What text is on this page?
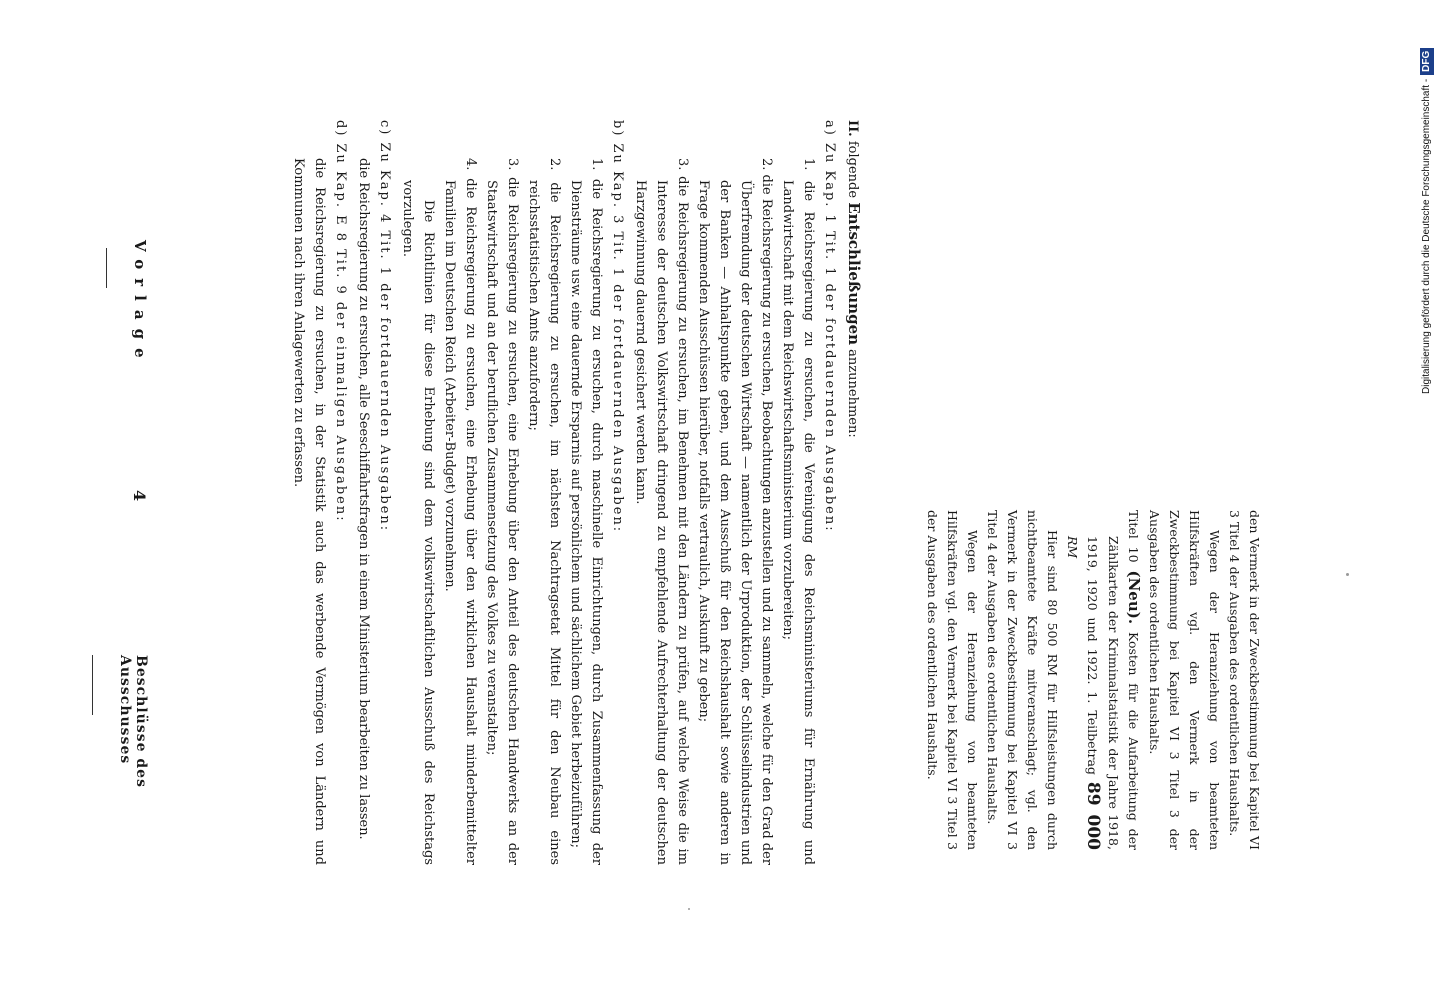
Vorlage
4
Beschlüsse des Ausschusses	den Vermerk in der Zweckbestimmung bei Kapitel VI 3 Titel 4 der Ausgaben des ordentlichen Haushalts.

Wegen der Heranziehung von beamteten Hilfskräften vgl. den Vermerk in der Zweckbestimmung bei Kapitel VI 3 Titel 3 der Ausgaben des ordentlichen Haushalts.

Titel 10 (Neu). Kosten für die Aufarbeitung der Zählkarten der Kriminalstatistik der Jahre 1918, 1919, 1920 und 1922. 1. Teilbetrag 89 000 RM

Hier sind 80 500 RM für Hilfsleistungen durch nichtbeamtete Kräfte mitveranschlagt; vgl. den Vermerk in der Zweckbestimmung bei Kapitel VI 3 Titel 4 der Ausgaben des ordentlichen Haushalts.

Wegen der Heranziehung von beamteten Hilfskräften vgl. den Vermerk bei Kapitel VI 3 Titel 3 der Ausgaben des ordentlichen Haushalts.

II. folgende Entschließungen anzunehmen:

a) Zu Kap. 1 Tit. 1 der fortdauernden Ausgaben:

1. die Reichsregierung zu ersuchen, die Vereinigung des Reichsministeriums für Ernährung und Landwirtschaft mit dem Reichswirtschaftsministerium vorzubereiten;

2. die Reichsregierung zu ersuchen, Beobachtungen anzustellen und zu sammeln, welche für den Grad der Überfremdung der deutschen Wirtschaft — namentlich der Urproduktion, der Schlüsselindustrien und der Banken — Anhaltspunkte geben, und dem Ausschuß für den Reichshaushalt sowie anderen in Frage kommenden Ausschüssen hierüber, notfalls vertraulich, Auskunft zu geben;

3. die Reichsregierung zu ersuchen, im Benehmen mit den Ländern zu prüfen, auf welche Weise die im Interesse der deutschen Volkswirtschaft dringend zu empfehlende Aufrechterhaltung der deutschen Harzgewinnung dauernd gesichert werden kann.

b) Zu Kap. 3 Tit. 1 der fortdauernden Ausgaben:

1. die Reichsregierung zu ersuchen, durch maschinelle Einrichtungen, durch Zusammenfassung der Diensträume usw. eine dauernde Ersparnis auf persönlichem und sächlichem Gebiet herbeizuführen;

2. die Reichsregierung zu ersuchen, im nächsten Nachtragsetat Mittel für den Neubau eines reichsstatistischen Amts anzufordern;

3. die Reichsregierung zu ersuchen, eine Erhebung über den Anteil des deutschen Handwerks an der Staatswirtschaft und an der beruflichen Zusammensetzung des Volkes zu veranstalten;

4. die Reichsregierung zu ersuchen, eine Erhebung über den wirklichen Haushalt minderbemittelter Familien im Deutschen Reich (Arbeiter-Budget) vorzunehmen.

Die Richtlinien für diese Erhebung sind dem volkswirtschaftlichen Ausschuß des Reichstags vorzulegen.

c) Zu Kap. 4 Tit. 1 der fortdauernden Ausgaben:

die Reichsregierung zu ersuchen, alle Seeschiffahrtsfragen in einem Ministerium bearbeiten zu lassen.

d) Zu Kap. E 8 Tit. 9 der einmaligen Ausgaben:

die Reichsregierung zu ersuchen, in der Statistik auch das werbende Vermögen von Ländern und Kommunen nach ihren Anlagewerten zu erfassen.	Digitalisierung gefördert durch die Deutsche Forschungsgemeinschaft -DFG
